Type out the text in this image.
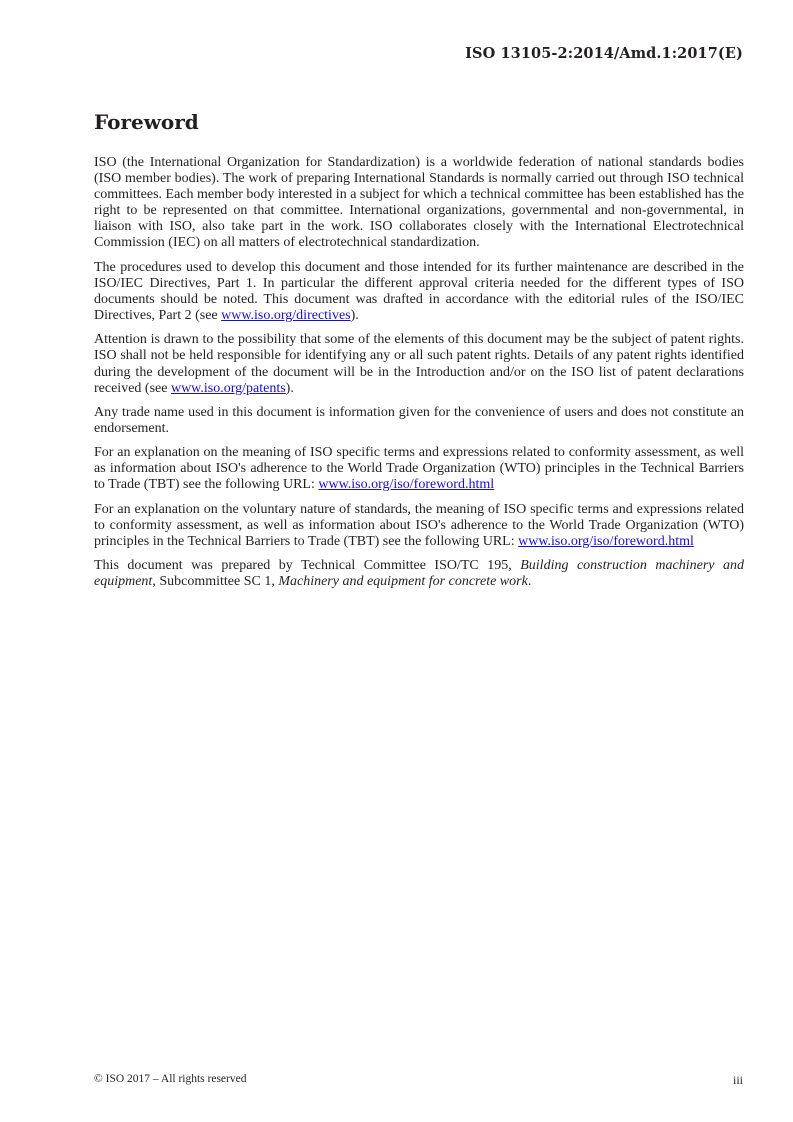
ISO 13105-2:2014/Amd.1:2017(E)
Foreword

ISO (the International Organization for Standardization) is a worldwide federation of national standards bodies (ISO member bodies). The work of preparing International Standards is normally carried out through ISO technical committees. Each member body interested in a subject for which a technical committee has been established has the right to be represented on that committee. International organizations, governmental and non-governmental, in liaison with ISO, also take part in the work. ISO collaborates closely with the International Electrotechnical Commission (IEC) on all matters of electrotechnical standardization.

The procedures used to develop this document and those intended for its further maintenance are described in the ISO/IEC Directives, Part 1. In particular the different approval criteria needed for the different types of ISO documents should be noted. This document was drafted in accordance with the editorial rules of the ISO/IEC Directives, Part 2 (see www.iso.org/directives).

Attention is drawn to the possibility that some of the elements of this document may be the subject of patent rights. ISO shall not be held responsible for identifying any or all such patent rights. Details of any patent rights identified during the development of the document will be in the Introduction and/or on the ISO list of patent declarations received (see www.iso.org/patents).

Any trade name used in this document is information given for the convenience of users and does not constitute an endorsement.

For an explanation on the meaning of ISO specific terms and expressions related to conformity assessment, as well as information about ISO's adherence to the World Trade Organization (WTO) principles in the Technical Barriers to Trade (TBT) see the following URL: www.iso.org/iso/foreword.html

For an explanation on the voluntary nature of standards, the meaning of ISO specific terms and expressions related to conformity assessment, as well as information about ISO's adherence to the World Trade Organization (WTO) principles in the Technical Barriers to Trade (TBT) see the following URL: www.iso.org/iso/foreword.html

This document was prepared by Technical Committee ISO/TC 195, Building construction machinery and equipment, Subcommittee SC 1, Machinery and equipment for concrete work.

© ISO 2017 – All rights reserved	iii
